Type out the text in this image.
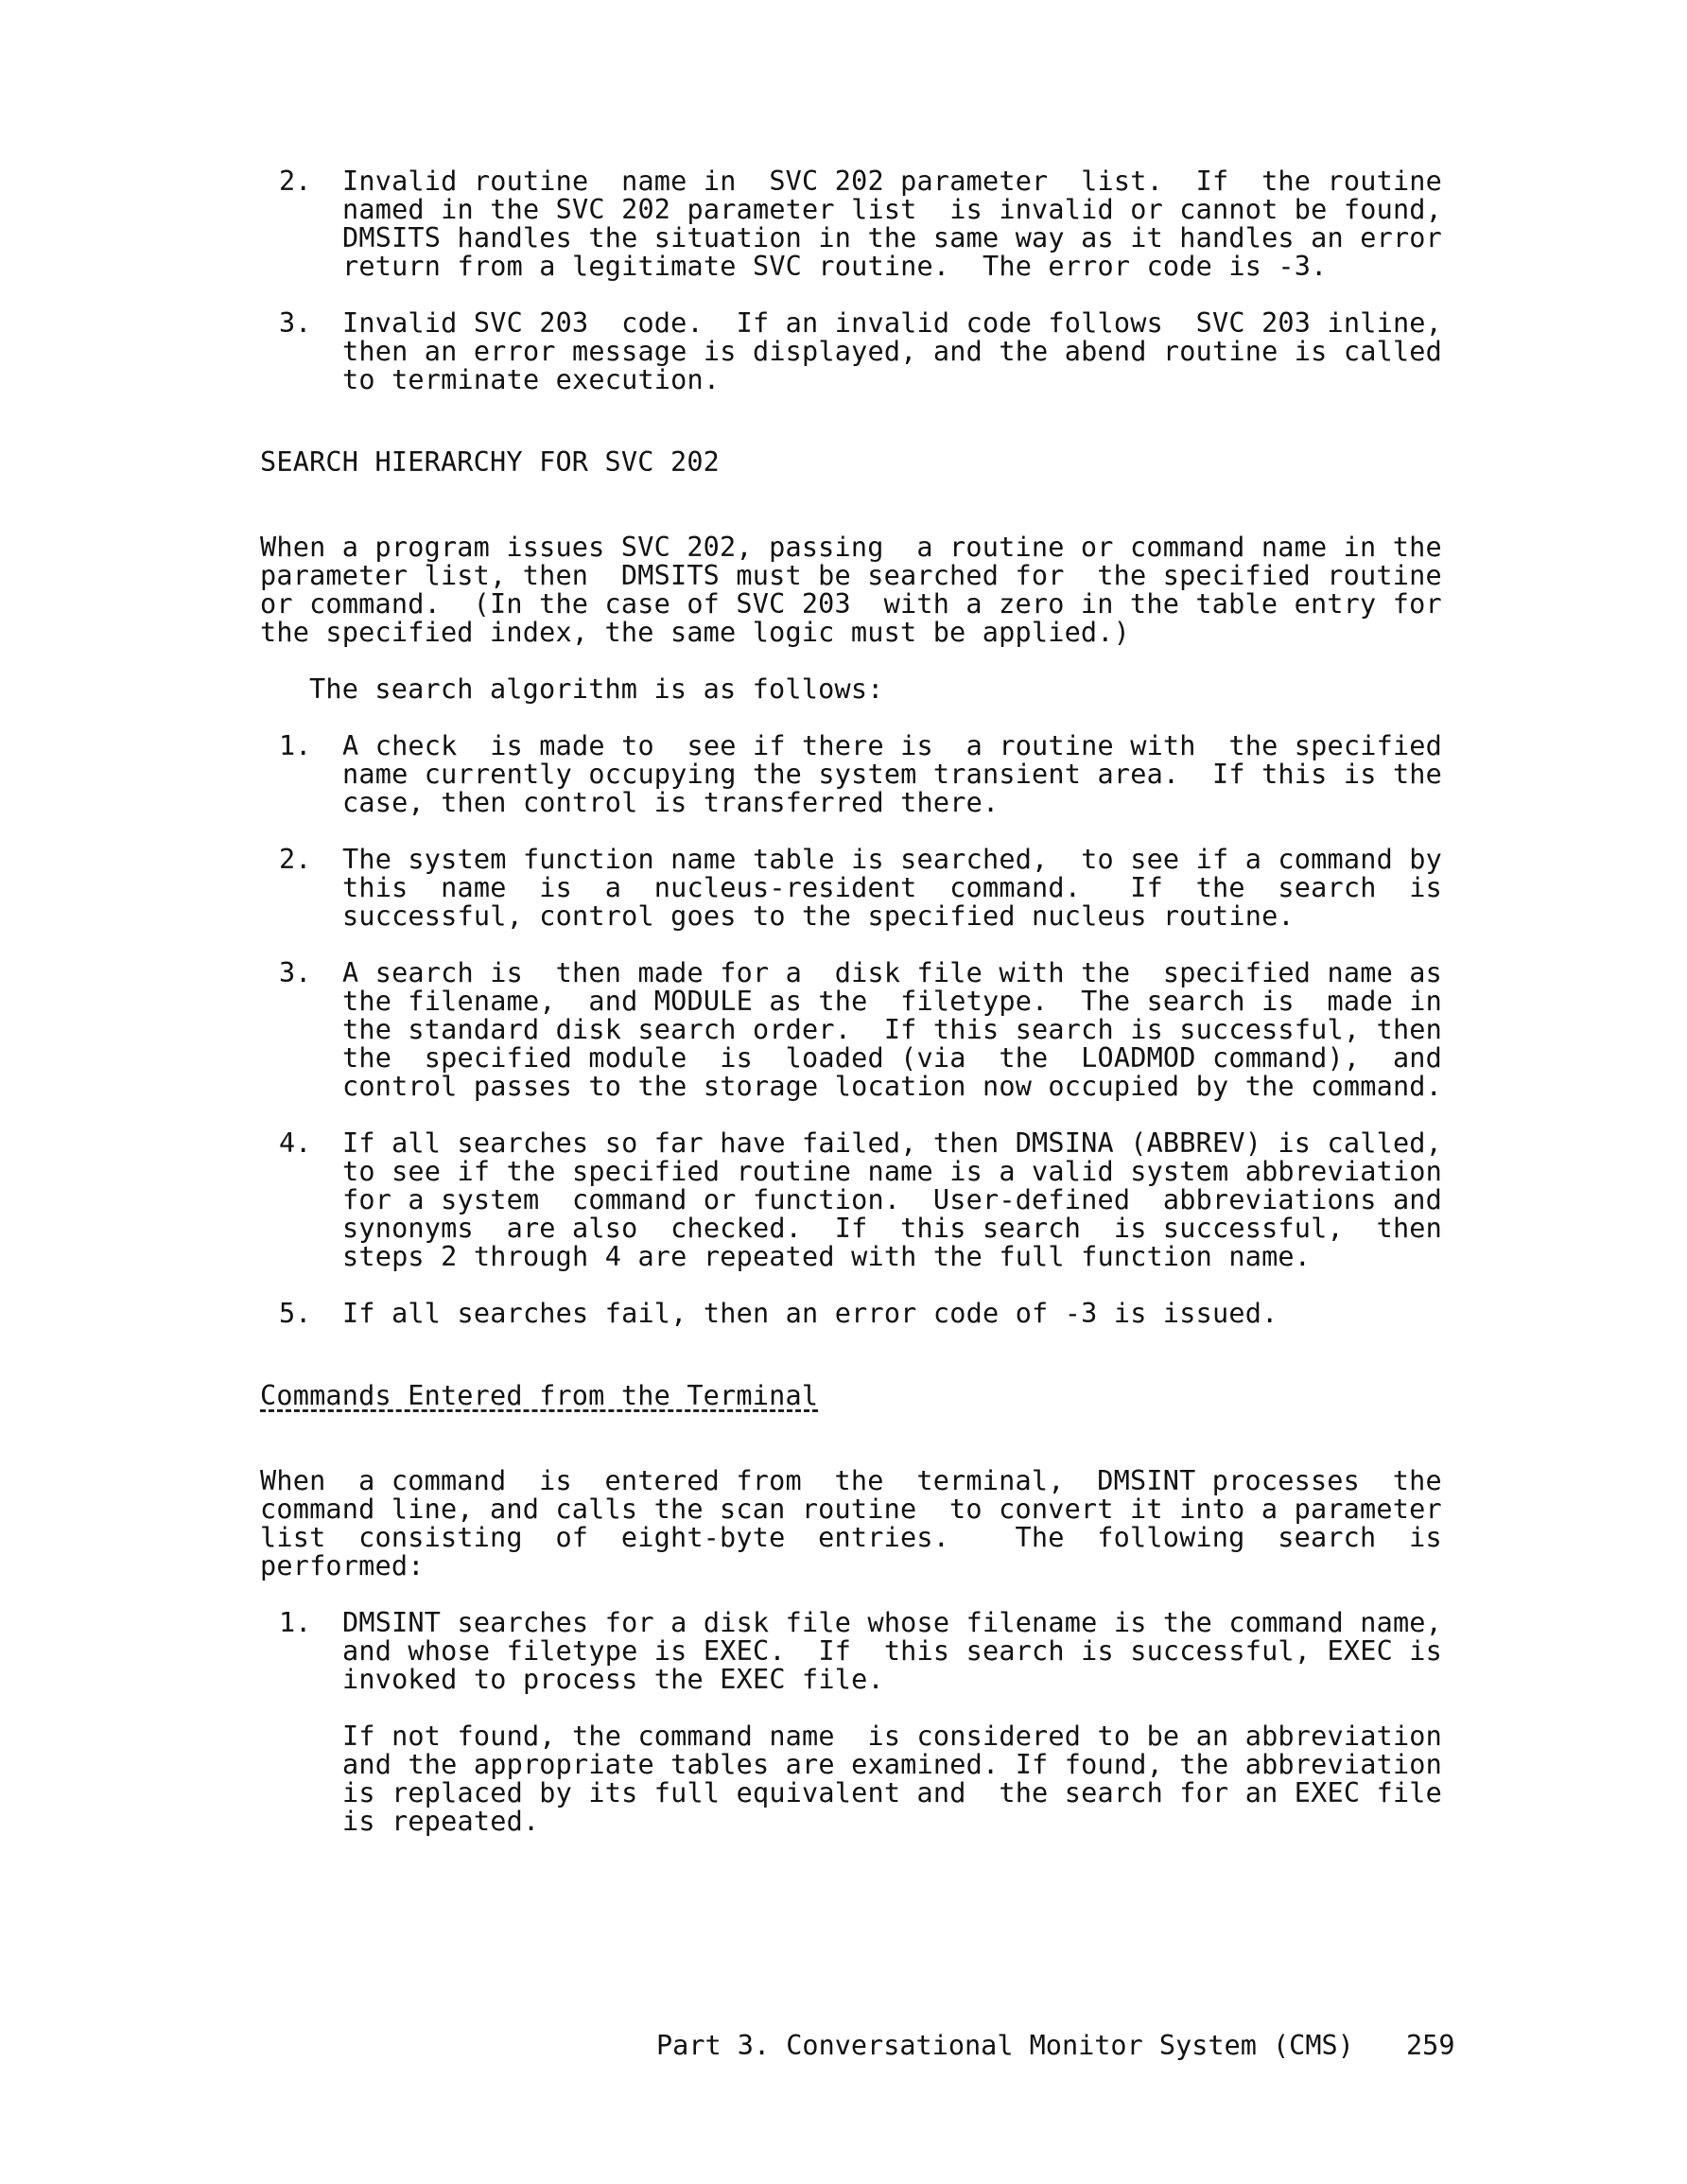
2. Invalid routine  name in  SVC 202 parameter  list.  If  the routine
named in the SVC 202 parameter list  is invalid or cannot be found,
DMSITS handles the situation in the same way as it handles an error
return from a legitimate SVC routine.  The error code is -3.
3. Invalid SVC 203  code.  If an invalid code follows  SVC 203 inline,
then an error message is displayed, and the abend routine is called
to terminate execution.
SEARCH HIERARCHY FOR SVC 202
When a program issues SVC 202, passing  a routine or command name in the
parameter list, then  DMSITS must be searched for  the specified routine
or command.  (In the case of SVC 203  with a zero in the table entry for
the specified index, the same logic must be applied.)
The search algorithm is as follows:
1. A check  is made to  see if there is  a routine with  the specified
name currently occupying the system transient area.  If this is the
case, then control is transferred there.
2. The system function name table is searched,  to see if a command by
this  name  is  a  nucleus-resident  command.   If  the  search  is
successful, control goes to the specified nucleus routine.
3. A search is  then made for a  disk file with the  specified name as
the filename,  and MODULE as the  filetype.  The search is  made in
the standard disk search order.  If this search is successful, then
the  specified module  is  loaded (via  the  LOADMOD command),  and
control passes to the storage location now occupied by the command.
4. If all searches so far have failed, then DMSINA (ABBREV) is called,
to see if the specified routine name is a valid system abbreviation
for a system  command or function.  User-defined  abbreviations and
synonyms  are also  checked.  If  this search  is successful,  then
steps 2 through 4 are repeated with the full function name.
5. If all searches fail, then an error code of -3 is issued.
Commands Entered from the Terminal
When  a command  is  entered from  the  terminal,  DMSINT processes  the
command line, and calls the scan routine  to convert it into a parameter
list  consisting  of  eight-byte  entries.    The  following  search  is
performed:
1. DMSINT searches for a disk file whose filename is the command name,
and whose filetype is EXEC.  If  this search is successful, EXEC is
invoked to process the EXEC file.
If not found, the command name  is considered to be an abbreviation
and the appropriate tables are examined. If found, the abbreviation
is replaced by its full equivalent and  the search for an EXEC file
is repeated.
Part 3. Conversational Monitor System (CMS) 259
